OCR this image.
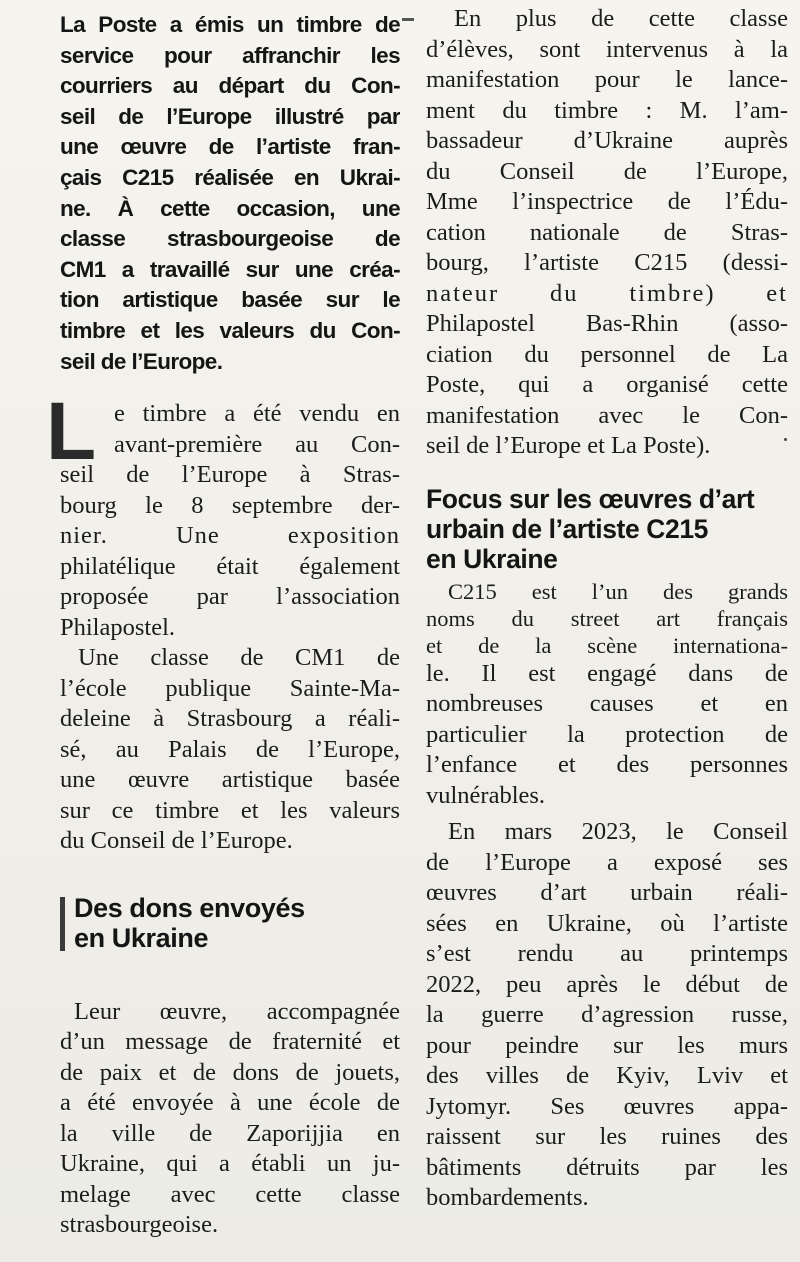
La Poste a émis un timbre de
service pour affranchir les
courriers au départ du Con-
seil de l’Europe illustré par
une œuvre de l’artiste fran-
çais C215 réalisée en Ukrai-
ne. À cette occasion, une
classe strasbourgeoise de
CM1 a travaillé sur une créa-
tion artistique basée sur le
timbre et les valeurs du Con-
seil de l’Europe.
L e timbre a été vendu en
avant-première au Con-
seil de l’Europe à Stras-
bourg le 8 septembre der-
nier. Une exposition
philatélique était également
proposée par l’association
Philapostel.
Une classe de CM1 de
l’école publique Sainte-Ma-
deleine à Strasbourg a réali-
sé, au Palais de l’Europe,
une œuvre artistique basée
sur ce timbre et les valeurs
du Conseil de l’Europe.
Des dons envoyés
en Ukraine
Leur œuvre, accompagnée
d’un message de fraternité et
de paix et de dons de jouets,
a été envoyée à une école de
la ville de Zaporijjia en
Ukraine, qui a établi un ju-
melage avec cette classe
strasbourgeoise.
En plus de cette classe
d’élèves, sont intervenus à la
manifestation pour le lance-
ment du timbre : M. l’am-
bassadeur d’Ukraine auprès
du Conseil de l’Europe,
Mme l’inspectrice de l’Édu-
cation nationale de Stras-
bourg, l’artiste C215 (dessi-
nateur du timbre) et
Philapostel Bas-Rhin (asso-
ciation du personnel de La
Poste, qui a organisé cette
manifestation avec le Con-
seil de l’Europe et La Poste).
Focus sur les œuvres d’art
urbain de l’artiste C215
en Ukraine
C215 est l’un des grands
noms du street art français
et de la scène internationa-
le. Il est engagé dans de
nombreuses causes et en
particulier la protection de
l’enfance et des personnes
vulnérables.
En mars 2023, le Conseil
de l’Europe a exposé ses
œuvres d’art urbain réali-
sées en Ukraine, où l’artiste
s’est rendu au printemps
2022, peu après le début de
la guerre d’agression russe,
pour peindre sur les murs
des villes de Kyiv, Lviv et
Jytomyr. Ses œuvres appa-
raissent sur les ruines des
bâtiments détruits par les
bombardements.
